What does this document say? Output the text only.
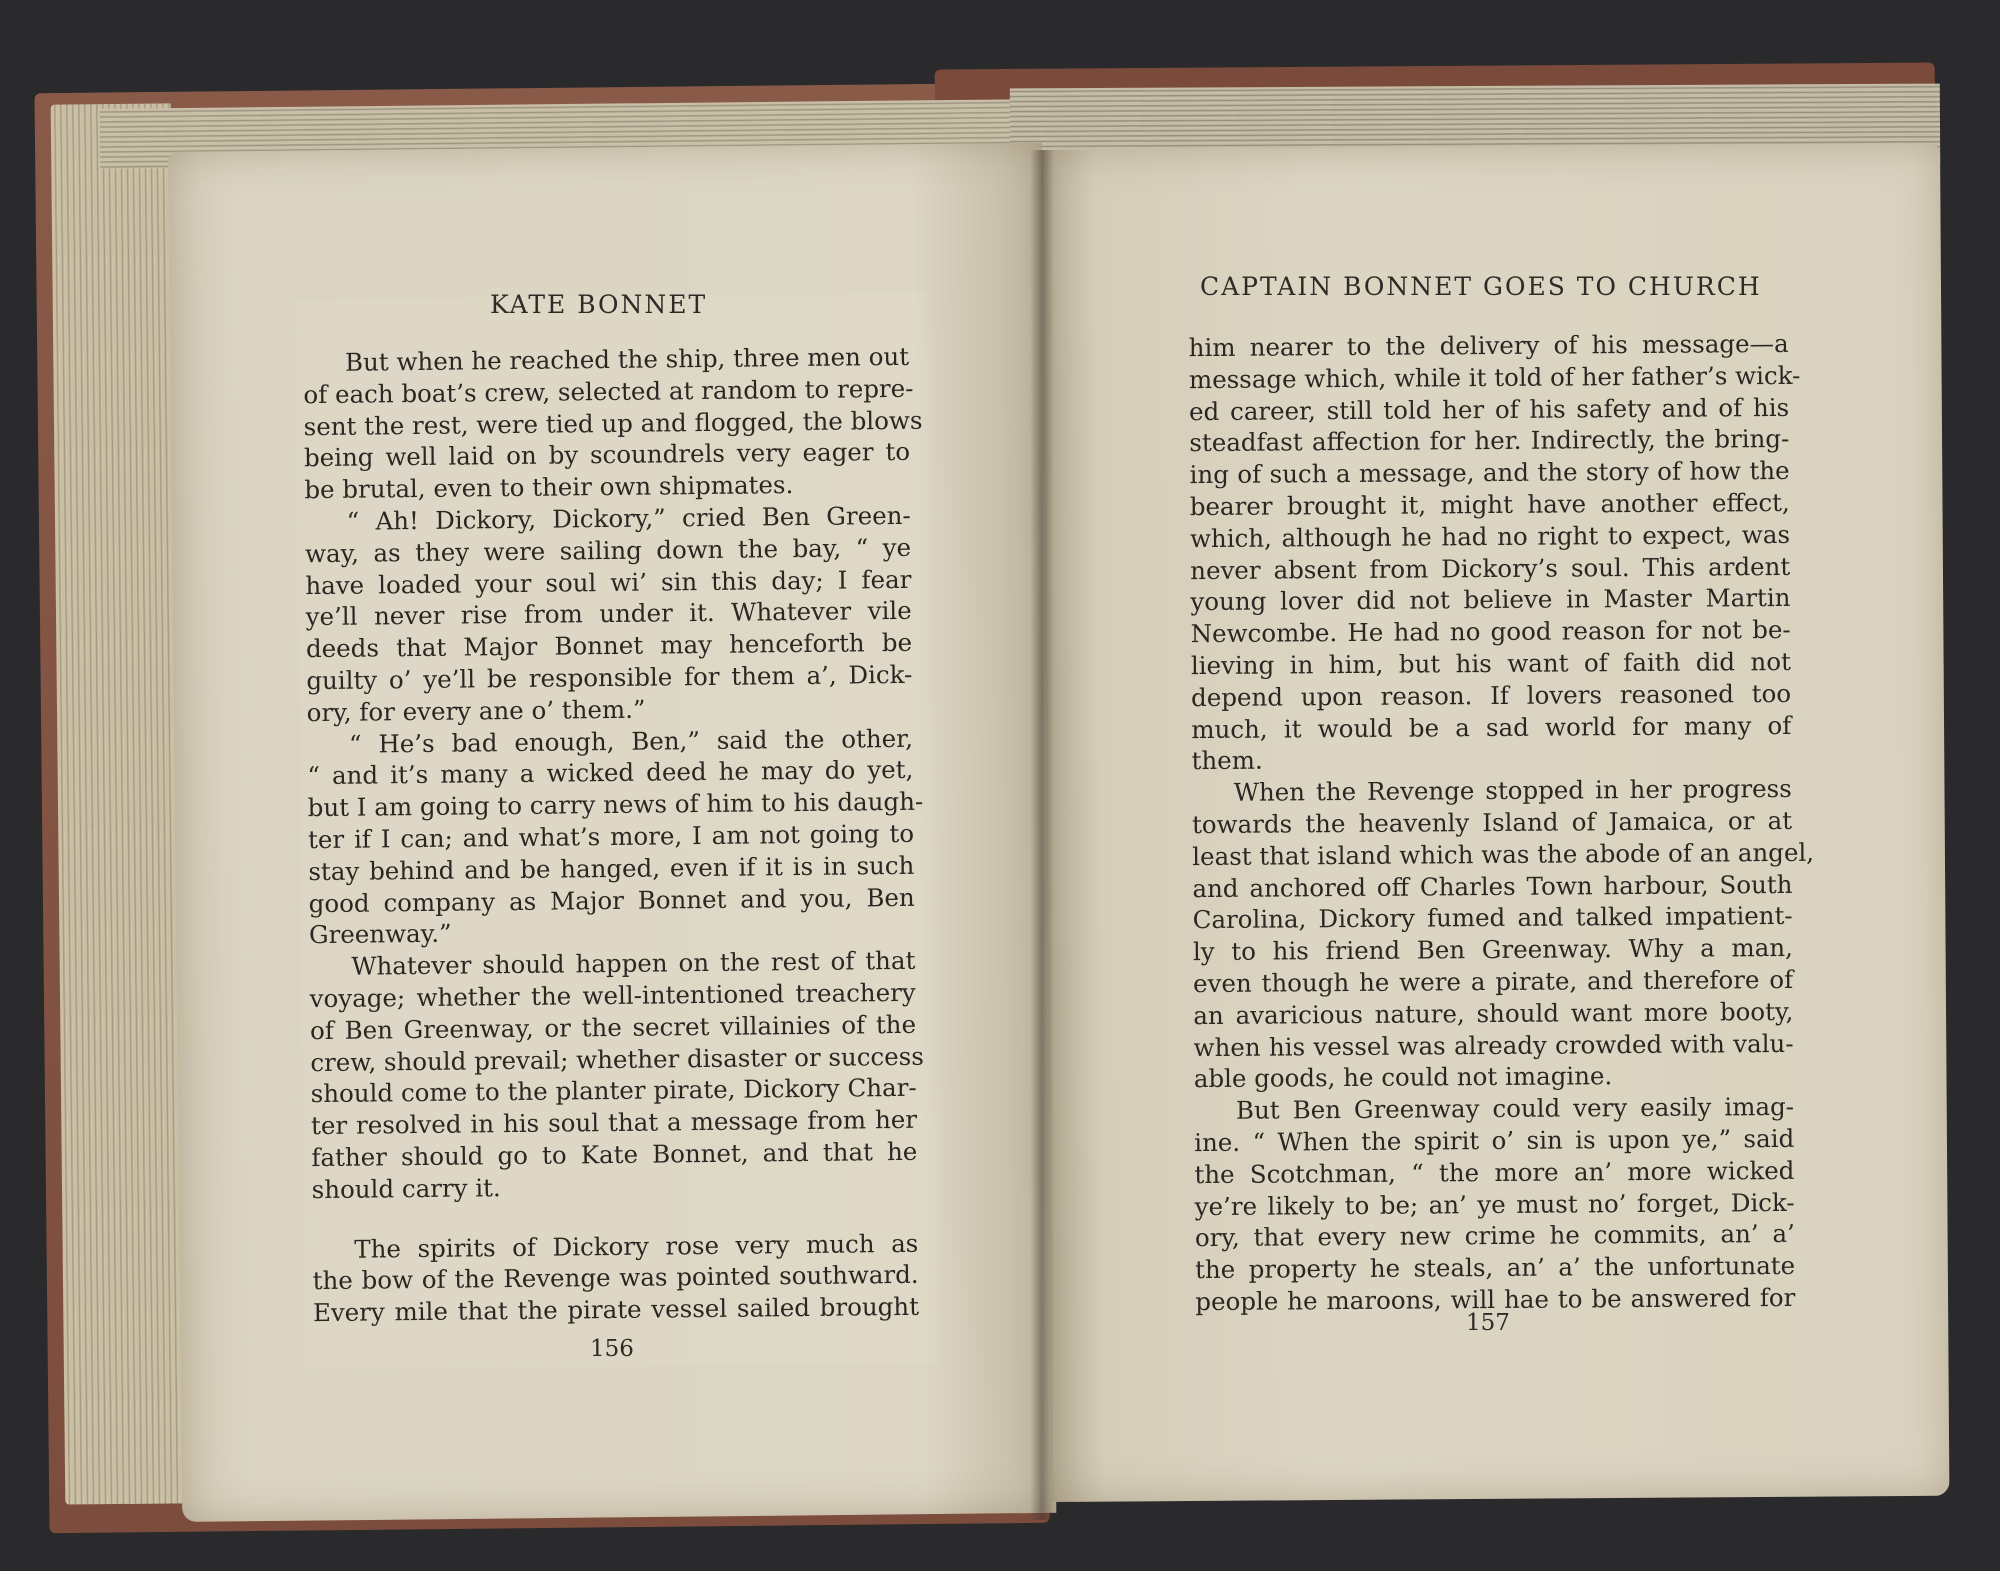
KATE BONNET
CAPTAIN BONNET GOES TO CHURCH
But when he reached the ship, three men out
of each boat’s crew, selected at random to repre-
sent the rest, were tied up and flogged, the blows
being well laid on by scoundrels very eager to
be brutal, even to their own shipmates.
“ Ah! Dickory, Dickory,” cried Ben Green-
way, as they were sailing down the bay, “ ye
have loaded your soul wi’ sin this day; I fear
ye’ll never rise from under it. Whatever vile
deeds that Major Bonnet may henceforth be
guilty o’ ye’ll be responsible for them a’, Dick-
ory, for every ane o’ them.”
“ He’s bad enough, Ben,” said the other,
“ and it’s many a wicked deed he may do yet,
but I am going to carry news of him to his daugh-
ter if I can; and what’s more, I am not going to
stay behind and be hanged, even if it is in such
good company as Major Bonnet and you, Ben
Greenway.”
Whatever should happen on the rest of that
voyage; whether the well-intentioned treachery
of Ben Greenway, or the secret villainies of the
crew, should prevail; whether disaster or success
should come to the planter pirate, Dickory Char-
ter resolved in his soul that a message from her
father should go to Kate Bonnet, and that he
should carry it.
The spirits of Dickory rose very much as
the bow of the Revenge was pointed southward.
Every mile that the pirate vessel sailed brought
him nearer to the delivery of his message—a
message which, while it told of her father’s wick-
ed career, still told her of his safety and of his
steadfast affection for her. Indirectly, the bring-
ing of such a message, and the story of how the
bearer brought it, might have another effect,
which, although he had no right to expect, was
never absent from Dickory’s soul. This ardent
young lover did not believe in Master Martin
Newcombe. He had no good reason for not be-
lieving in him, but his want of faith did not
depend upon reason. If lovers reasoned too
much, it would be a sad world for many of
them.
When the Revenge stopped in her progress
towards the heavenly Island of Jamaica, or at
least that island which was the abode of an angel,
and anchored off Charles Town harbour, South
Carolina, Dickory fumed and talked impatient-
ly to his friend Ben Greenway. Why a man,
even though he were a pirate, and therefore of
an avaricious nature, should want more booty,
when his vessel was already crowded with valu-
able goods, he could not imagine.
But Ben Greenway could very easily imag-
ine. “ When the spirit o’ sin is upon ye,” said
the Scotchman, “ the more an’ more wicked
ye’re likely to be; an’ ye must no’ forget, Dick-
ory, that every new crime he commits, an’ a’
the property he steals, an’ a’ the unfortunate
people he maroons, will hae to be answered for
156
157
